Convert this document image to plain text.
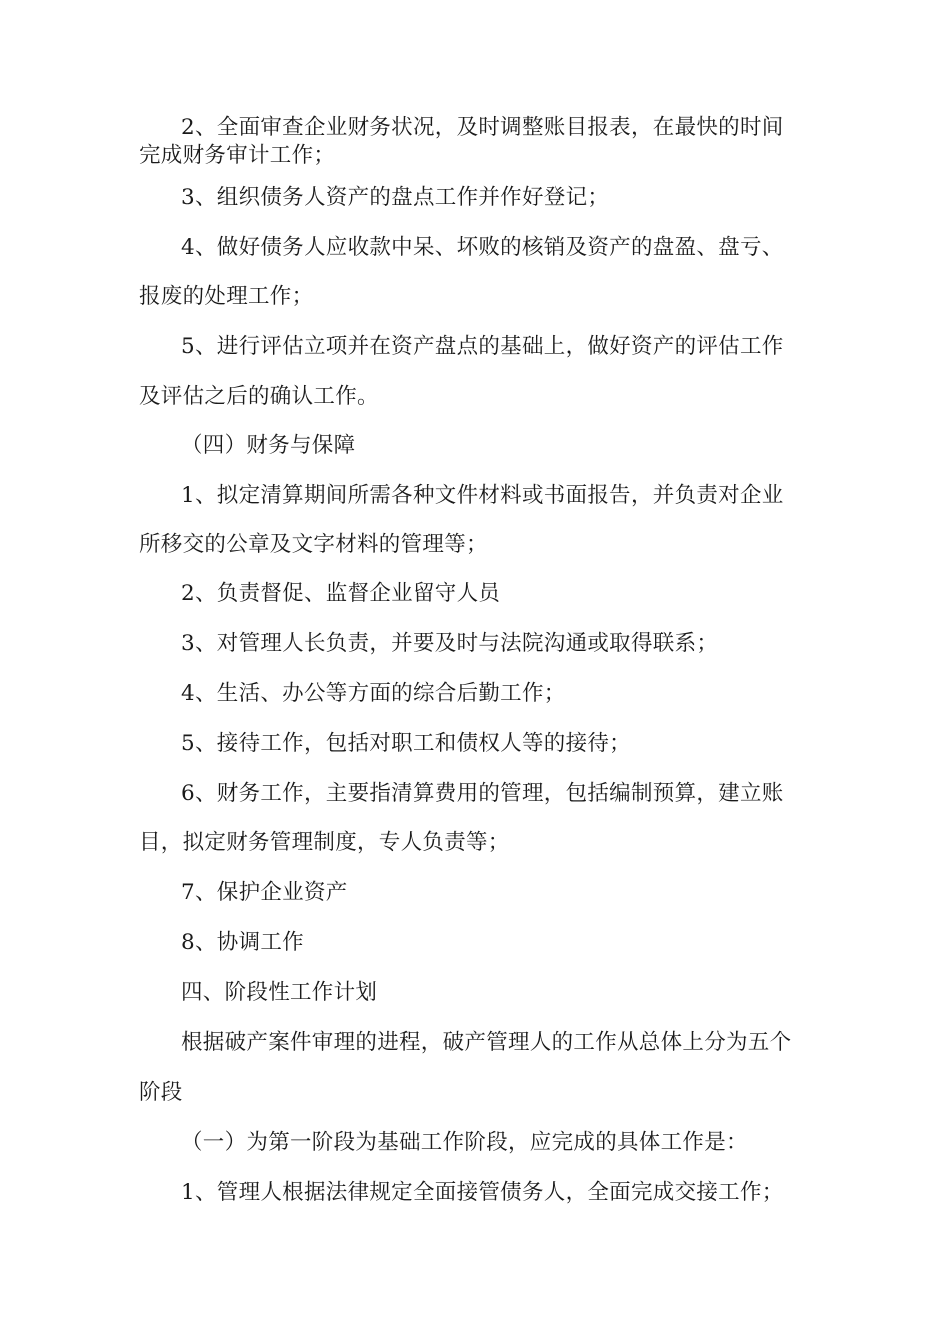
2、全面审查企业财务状况，及时调整账目报表，在最快的时间
完成财务审计工作；
3、组织债务人资产的盘点工作并作好登记；
4、做好债务人应收款中呆、坏败的核销及资产的盘盈、盘亏、
报废的处理工作；
5、进行评估立项并在资产盘点的基础上，做好资产的评估工作
及评估之后的确认工作。
（四）财务与保障
1、拟定清算期间所需各种文件材料或书面报告，并负责对企业
所移交的公章及文字材料的管理等；
2、负责督促、监督企业留守人员
3、对管理人长负责，并要及时与法院沟通或取得联系；
4、生活、办公等方面的综合后勤工作；
5、接待工作，包括对职工和债权人等的接待；
6、财务工作，主要指清算费用的管理，包括编制预算，建立账
目，拟定财务管理制度，专人负责等；
7、保护企业资产
8、协调工作
四、阶段性工作计划
根据破产案件审理的进程，破产管理人的工作从总体上分为五个
阶段
（一）为第一阶段为基础工作阶段，应完成的具体工作是：
1、管理人根据法律规定全面接管债务人，全面完成交接工作；
